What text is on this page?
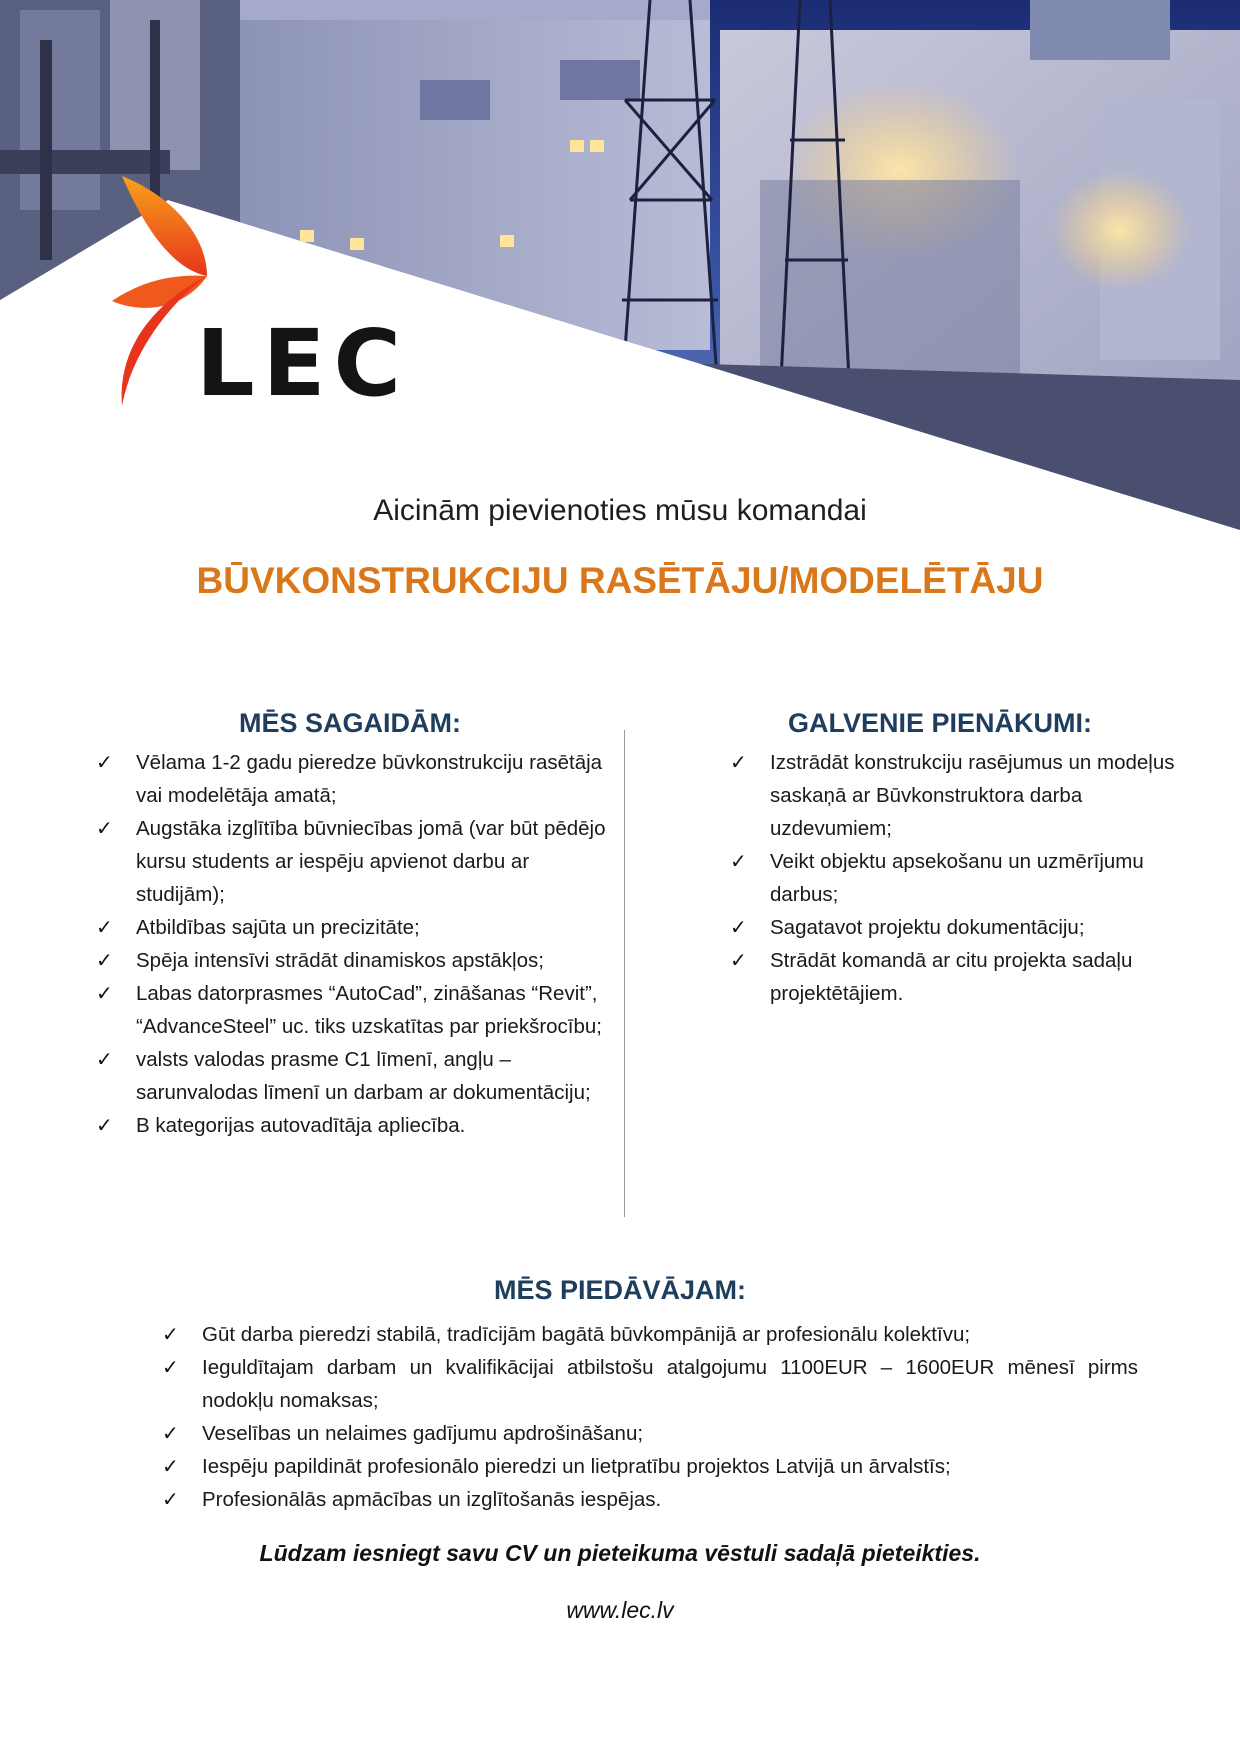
LEC
Aicinām pievienoties mūsu komandai
BŪVKONSTRUKCIJU RASĒTĀJU/MODELĒTĀJU
MĒS SAGAIDĀM:
✓ Vēlama 1-2 gadu pieredze būvkonstrukciju rasētāja vai modelētāja amatā;
✓ Augstāka izglītība būvniecības jomā (var būt pēdējo kursu students ar iespēju apvienot darbu ar studijām);
✓ Atbildības sajūta un precizitāte;
✓ Spēja intensīvi strādāt dinamiskos apstākļos;
✓ Labas datorprasmes “AutoCad”, zināšanas “Revit”, “AdvanceSteel” uc. tiks uzskatītas par priekšrocību;
✓ valsts valodas prasme C1 līmenī, angļu – sarunvalodas līmenī un darbam ar dokumentāciju;
✓ B kategorijas autovadītāja apliecība.
GALVENIE PIENĀKUMI:
✓ Izstrādāt konstrukciju rasējumus un modeļus saskaņā ar Būvkonstruktora darba uzdevumiem;
✓ Veikt objektu apsekošanu un uzmērījumu darbus;
✓ Sagatavot projektu dokumentāciju;
✓ Strādāt komandā ar citu projekta sadaļu projektētājiem.
MĒS PIEDĀVĀJAM:
✓ Gūt darba pieredzi stabilā, tradīcijām bagātā būvkompānijā ar profesionālu kolektīvu;
✓ Ieguldītajam darbam un kvalifikācijai atbilstošu atalgojumu 1100EUR – 1600EUR mēnesī pirms nodokļu nomaksas;
✓ Veselības un nelaimes gadījumu apdrošināšanu;
✓ Iespēju papildināt profesionālo pieredzi un lietpratību projektos Latvijā un ārvalstīs;
✓ Profesionālās apmācības un izglītošanās iespējas.
Lūdzam iesniegt savu CV un pieteikuma vēstuli sadaļā pieteikties.
www.lec.lv
